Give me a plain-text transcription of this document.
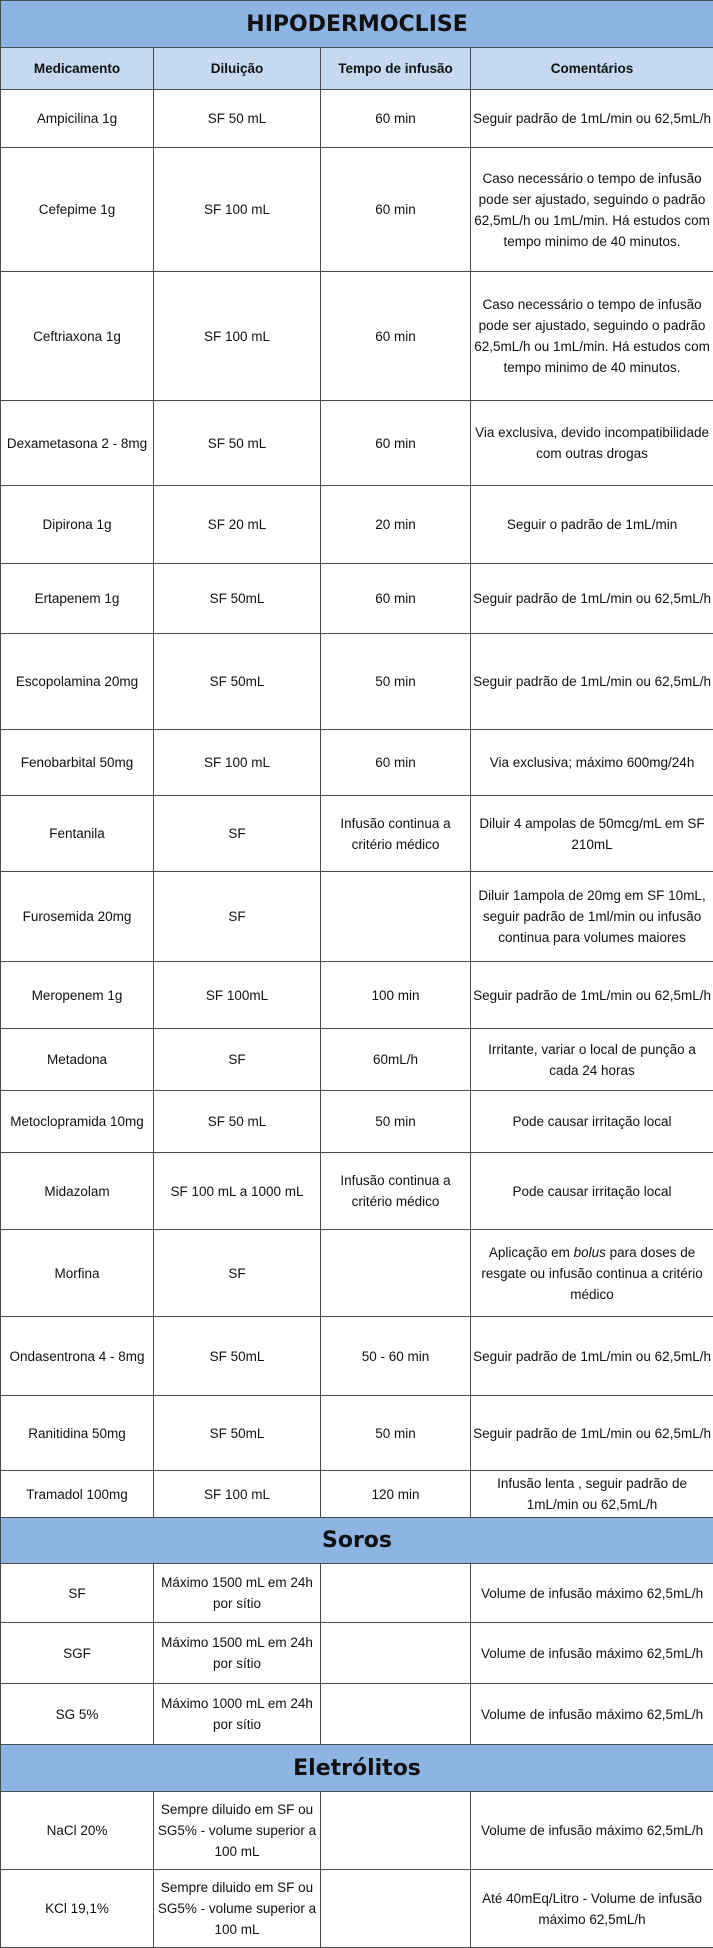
HIPODERMOCLISE			
Medicamento	Diluição	Tempo de infusão	Comentários
Ampicilina 1g	SF 50 mL	60 min	Seguir padrão de 1mL/min ou 62,5mL/h
Cefepime 1g	SF 100 mL	60 min	Caso necessário o tempo de infusão pode ser ajustado, seguindo o padrão 62,5mL/h ou 1mL/min. Há estudos com tempo minimo de 40 minutos.
Ceftriaxona 1g	SF 100 mL	60 min	Caso necessário o tempo de infusão pode ser ajustado, seguindo o padrão 62,5mL/h ou 1mL/min. Há estudos com tempo minimo de 40 minutos.
Dexametasona 2 - 8mg	SF 50 mL	60 min	Via exclusiva, devido incompatibilidade com outras drogas
Dipirona 1g	SF 20 mL	20 min	Seguir o padrão de 1mL/min
Ertapenem 1g	SF 50mL	60 min	Seguir padrão de 1mL/min ou 62,5mL/h
Escopolamina 20mg	SF 50mL	50 min	Seguir padrão de 1mL/min ou 62,5mL/h
Fenobarbital 50mg	SF 100 mL	60 min	Via exclusiva; máximo 600mg/24h
Fentanila	SF	Infusão continua a critério médico	Diluir 4 ampolas de 50mcg/mL em SF 210mL
Furosemida 20mg	SF		Diluir 1ampola de 20mg em SF 10mL, seguir padrão de 1ml/min ou infusão continua para volumes maiores
Meropenem 1g	SF 100mL	100 min	Seguir padrão de 1mL/min ou 62,5mL/h
Metadona	SF	60mL/h	Irritante, variar o local de punção a cada 24 horas
Metoclopramida 10mg	SF 50 mL	50 min	Pode causar irritação local
Midazolam	SF 100 mL a 1000 mL	Infusão continua a critério médico	Pode causar irritação local
Morfina	SF		Aplicação em bolus para doses de resgate ou infusão continua a critério médico
Ondasentrona 4 - 8mg	SF 50mL	50 - 60 min	Seguir padrão de 1mL/min ou 62,5mL/h
Ranitidina 50mg	SF 50mL	50 min	Seguir padrão de 1mL/min ou 62,5mL/h
Tramadol 100mg	SF 100 mL	120 min	Infusão lenta , seguir padrão de 1mL/min ou 62,5mL/h
Soros			
SF	Máximo 1500 mL em 24h por sítio		Volume de infusão máximo 62,5mL/h
SGF	Máximo 1500 mL em 24h por sítio		Volume de infusão máximo 62,5mL/h
SG 5%	Máximo 1000 mL em 24h por sítio		Volume de infusão máximo 62,5mL/h
Eletrólitos			
NaCl 20%	Sempre diluido em SF ou SG5% - volume superior a 100 mL		Volume de infusão máximo 62,5mL/h
KCl 19,1%	Sempre diluido em SF ou SG5% - volume superior a 100 mL		Até 40mEq/Litro - Volume de infusão máximo 62,5mL/h
